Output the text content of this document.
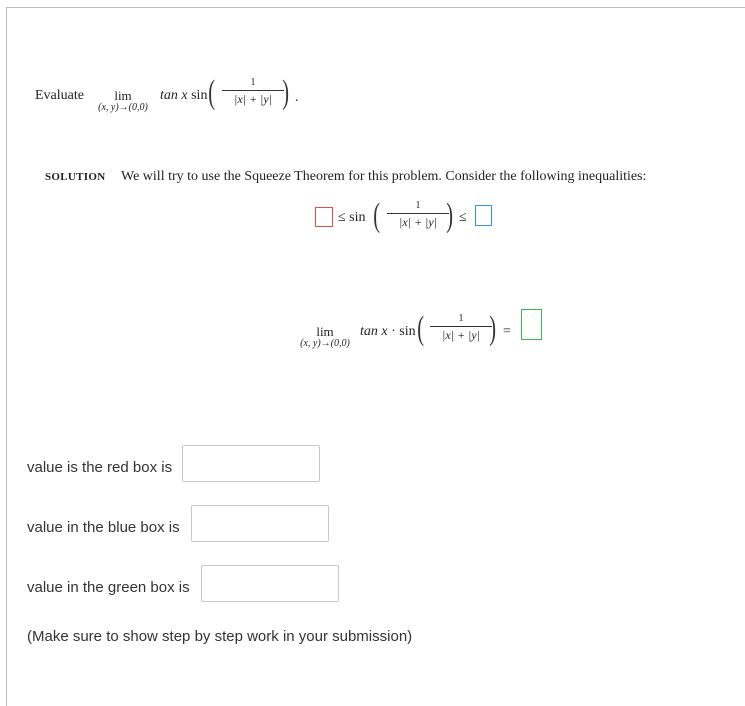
Evaluate	lim
(x, y)→(0,0)
tan x sin (	1
|x| + |y| ) .
SOLUTION We will try to use the Squeeze Theorem for this problem. Consider the following inequalities:
≤ sin (	1
|x| + |y| ) ≤
lim
(x, y)→(0,0)
tan x · sin (	1
|x| + |y| ) =
value is the red box is
value in the blue box is
value in the green box is
(Make sure to show step by step work in your submission)
